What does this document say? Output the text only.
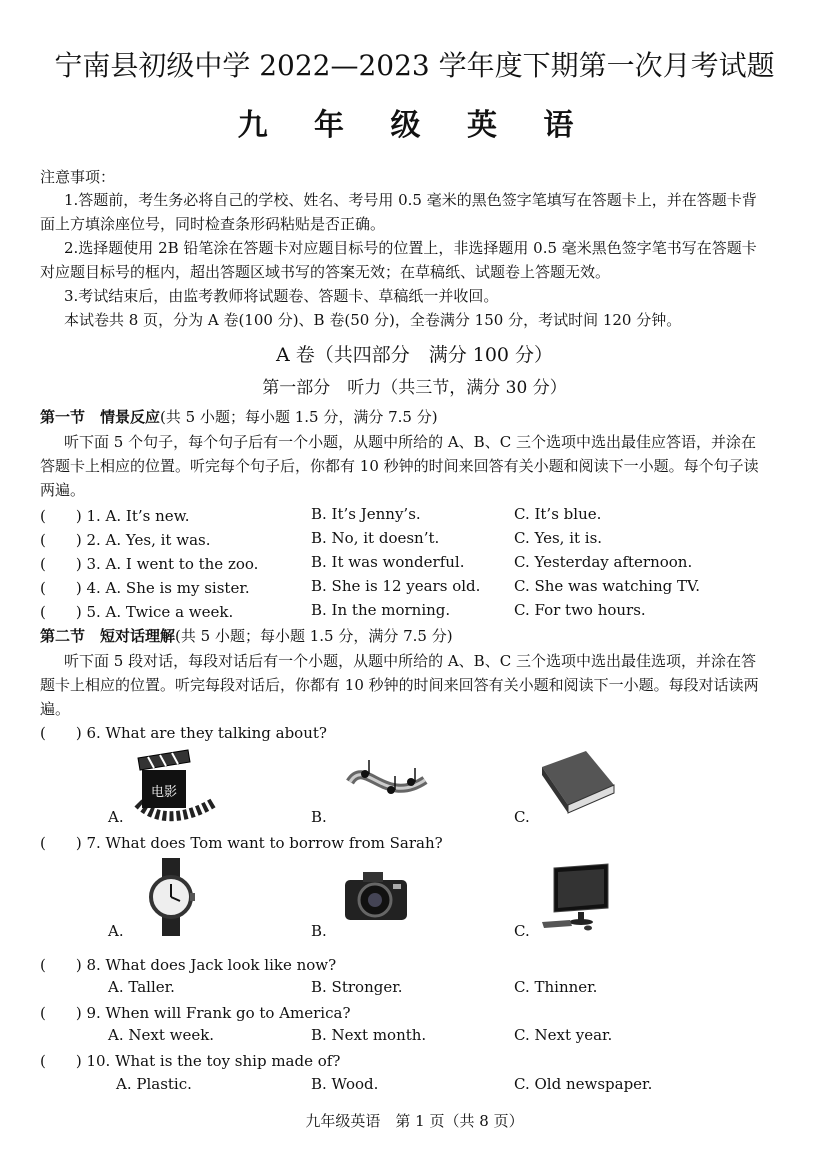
宁南县初级中学 2022—2023 学年度下期第一次月考试题
九 年 级 英 语
注意事项：
1.答题前，考生务必将自己的学校、姓名、考号用 0.5 毫米的黑色签字笔填写在答题卡上，并在答题卡背面上方填涂座位号，同时检查条形码粘贴是否正确。
2.选择题使用 2B 铅笔涂在答题卡对应题目标号的位置上，非选择题用 0.5 毫米黑色签字笔书写在答题卡对应题目标号的框内，超出答题区域书写的答案无效；在草稿纸、试题卷上答题无效。
3.考试结束后，由监考教师将试题卷、答题卡、草稿纸一并收回。
本试卷共 8 页，分为 A 卷(100 分)、B 卷(50 分)，全卷满分 150 分，考试时间 120 分钟。
A 卷（共四部分　满分 100 分）
第一部分　听力（共三节，满分 30 分）
第一节　情景反应(共 5 小题；每小题 1.5 分，满分 7.5 分)
听下面 5 个句子，每个句子后有一个小题，从题中所给的 A、B、C 三个选项中选出最佳应答语，并涂在答题卡上相应的位置。听完每个句子后，你都有 10 秒钟的时间来回答有关小题和阅读下一小题。每个句子读两遍。
(　　) 1. A. It’s new.	B. It’s Jenny’s.	C. It’s blue.
(　　) 2. A. Yes, it was.	B. No, it doesn’t.	C. Yes, it is.
(　　) 3. A. I went to the zoo.	B. It was wonderful.	C. Yesterday afternoon.
(　　) 4. A. She is my sister.	B. She is 12 years old. C. She was watching TV.
(　　) 5. A. Twice a week.	B. In the morning.	C. For two hours.
第二节　短对话理解(共 5 小题；每小题 1.5 分，满分 7.5 分)
听下面 5 段对话，每段对话后有一个小题，从题中所给的 A、B、C 三个选项中选出最佳选项，并涂在答题卡上相应的位置。听完每段对话后，你都有 10 秒钟的时间来回答有关小题和阅读下一小题。每段对话读两遍。
(　　) 6. What are they talking about?
电影
A.	B.	C.
(　　) 7. What does Tom want to borrow from Sarah?
A.	B.	C.
(　　) 8. What does Jack look like now?
A. Taller.	B. Stronger.	C. Thinner.
(　　) 9. When will Frank go to America?
A. Next week.	B. Next month.	C. Next year.
(　　) 10. What is the toy ship made of?
A. Plastic.	B. Wood.	C. Old newspaper.
九年级英语　第 1 页（共 8 页）
